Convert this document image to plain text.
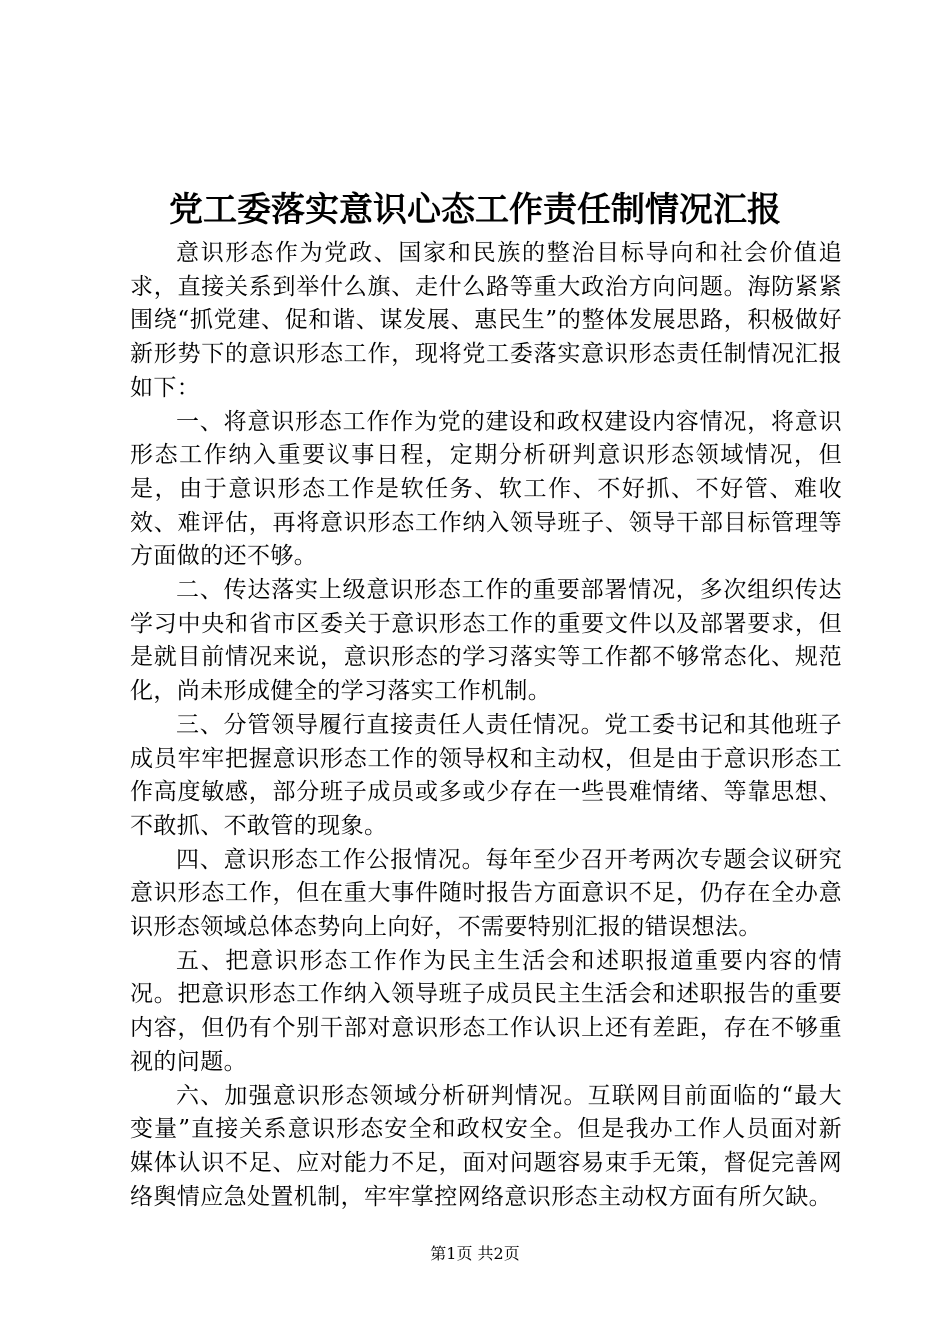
党工委落实意识心态工作责任制情况汇报

意识形态作为党政、国家和民族的整治目标导向和社会价值追求，直接关系到举什么旗、走什么路等重大政治方向问题。海防紧紧围绕“抓党建、促和谐、谋发展、惠民生”的整体发展思路，积极做好新形势下的意识形态工作，现将党工委落实意识形态责任制情况汇报如下：

一、将意识形态工作作为党的建设和政权建设内容情况，将意识形态工作纳入重要议事日程，定期分析研判意识形态领域情况，但是，由于意识形态工作是软任务、软工作、不好抓、不好管、难收效、难评估，再将意识形态工作纳入领导班子、领导干部目标管理等方面做的还不够。

二、传达落实上级意识形态工作的重要部署情况，多次组织传达学习中央和省市区委关于意识形态工作的重要文件以及部署要求，但是就目前情况来说，意识形态的学习落实等工作都不够常态化、规范化，尚未形成健全的学习落实工作机制。

三、分管领导履行直接责任人责任情况。党工委书记和其他班子成员牢牢把握意识形态工作的领导权和主动权，但是由于意识形态工作高度敏感，部分班子成员或多或少存在一些畏难情绪、等靠思想、不敢抓、不敢管的现象。

四、意识形态工作公报情况。每年至少召开考两次专题会议研究意识形态工作，但在重大事件随时报告方面意识不足，仍存在全办意识形态领域总体态势向上向好，不需要特别汇报的错误想法。

五、把意识形态工作作为民主生活会和述职报道重要内容的情况。把意识形态工作纳入领导班子成员民主生活会和述职报告的重要内容，但仍有个别干部对意识形态工作认识上还有差距，存在不够重视的问题。

六、加强意识形态领域分析研判情况。互联网目前面临的“最大变量”直接关系意识形态安全和政权安全。但是我办工作人员面对新媒体认识不足、应对能力不足，面对问题容易束手无策，督促完善网络舆情应急处置机制，牢牢掌控网络意识形态主动权方面有所欠缺。

第1页 共2页
